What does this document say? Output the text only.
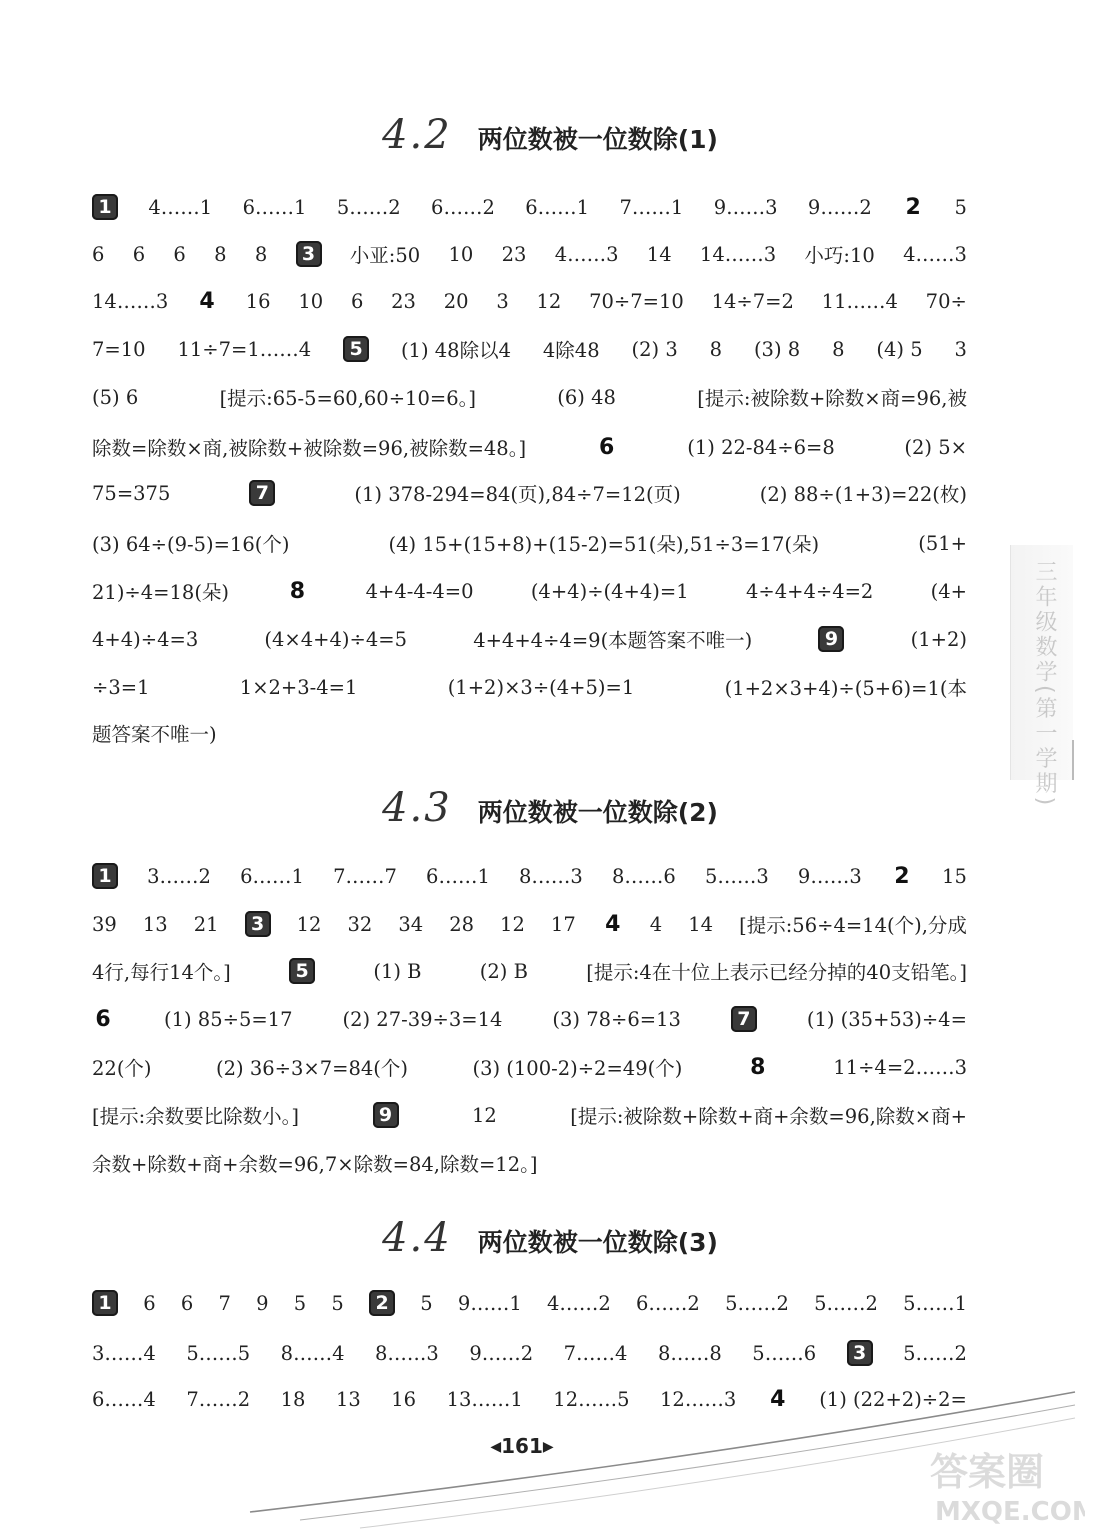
4.2 两位数被一位数除(1)
1	4……1 6……1 5……2 6……2 6……1 7……1 9……3 9……2 2 5
6 6 6 8 8	3	小亚:50 10 23 4……3 14 14……3 小巧:10 4……3
14……3 4 16 10 6 23 20 3 12 70÷7=10 14÷7=2 11……4 70÷
7=10 11÷7=1……4	5	(1) 48除以4 4除48 (2) 3 8 (3) 8 8 (4) 5 3
(5) 6	[提示:65-5=60,60÷10=6。]	(6) 48	[提示:被除数+除数×商=96,被
除数=除数×商,被除数+被除数=96,被除数=48。]	6	(1) 22-84÷6=8	(2) 5×
75=375	7	(1) 378-294=84(页),84÷7=12(页)	(2) 88÷(1+3)=22(枚)
(3) 64÷(9-5)=16(个)	(4) 15+(15+8)+(15-2)=51(朵),51÷3=17(朵)	(51+
21)÷4=18(朵)	8	4+4-4-4=0	(4+4)÷(4+4)=1	4÷4+4÷4=2	(4+
4+4)÷4=3	(4×4+4)÷4=5	4+4+4÷4=9(本题答案不唯一)	9	(1+2)
÷3=1	1×2+3-4=1	(1+2)×3÷(4+5)=1	(1+2×3+4)÷(5+6)=1(本
题答案不唯一)
4.3 两位数被一位数除(2)
1	3……2 6……1 7……7 6……1 8……3 8……6 5……3 9……3 2 15
39 13 21	3	12 32 34 28 12 17 4 4 14 [提示:56÷4=14(个),分成
4行,每行14个。]	5	(1) B	(2) B	[提示:4在十位上表示已经分掉的40支铅笔。]
6	(1) 85÷5=17	(2) 27-39÷3=14	(3) 78÷6=13	7	(1) (35+53)÷4=
22(个)	(2) 36÷3×7=84(个)	(3) (100-2)÷2=49(个)	8	11÷4=2……3
[提示:余数要比除数小。]	9	12	[提示:被除数+除数+商+余数=96,除数×商+
余数+除数+商+余数=96,7×除数=84,除数=12。]
4.4 两位数被一位数除(3)
1	6 6 7 9 5 5	2	5 9……1 4……2 6……2 5……2 5……2 5……1
3……4 5……5 8……4 8……3 9……2 7……4 8……8 5……6	3	5……2
6……4 7……2 18 13 16 13……1 12……5 12……3 4 (1) (22+2)÷2=
◀161▶
三年级数学(第一学期)
答案圈
MXQE.COM
